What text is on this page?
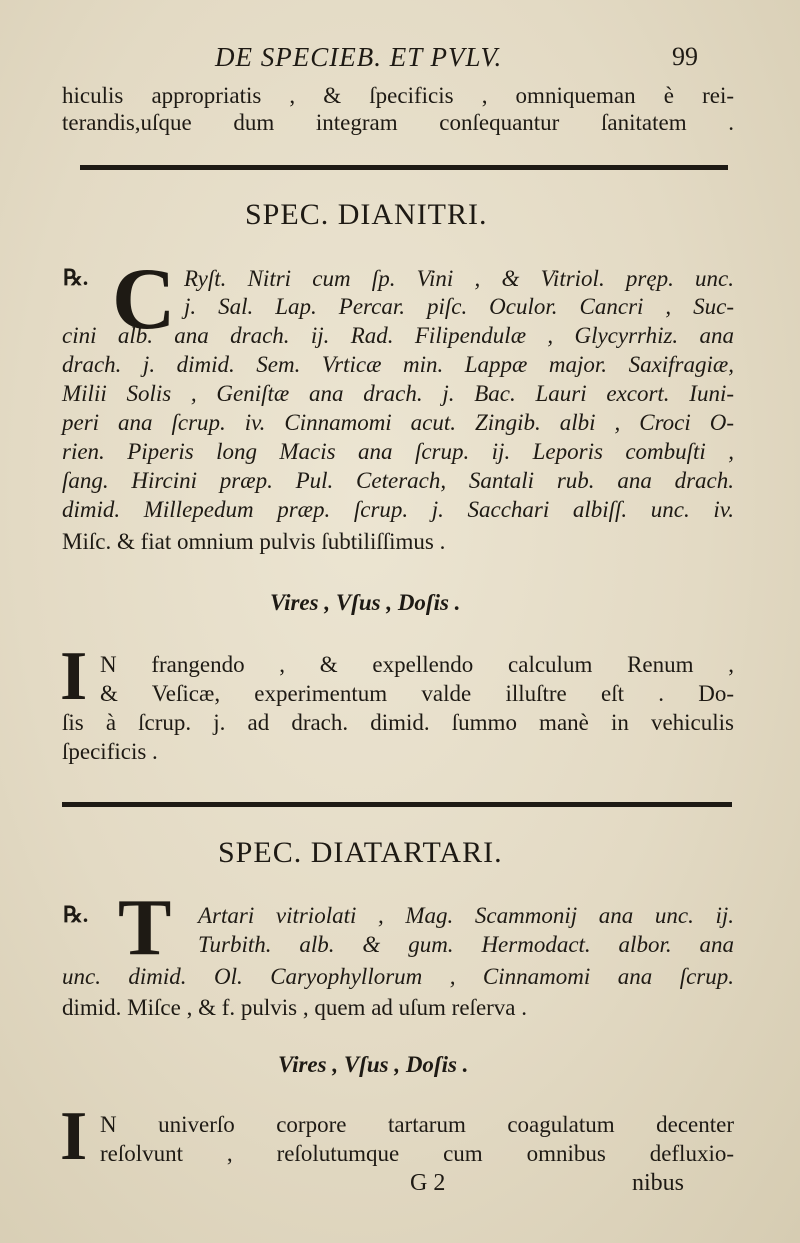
DE SPECIEB. ET PVLV.	99
hiculis appropriatis , & ſpecificis , omniqueman è rei-
terandis,uſque dum integram conſequantur ſanitatem .
SPEC. DIANITRI.
℞. C Ryſt. Nitri cum ſp. Vini , & Vitriol. pręp. unc.
j. Sal. Lap. Percar. piſc. Oculor. Cancri , Suc-
cini alb. ana drach. ij. Rad. Filipendulæ , Glycyrrhiz. ana
drach. j. dimid. Sem. Vrticæ min. Lappæ major. Saxifragiæ,
Milii Solis , Geniſtæ ana drach. j. Bac. Lauri excort. Iuni-
peri ana ſcrup. iv. Cinnamomi acut. Zingib. albi , Croci O-
rien. Piperis long Macis ana ſcrup. ij. Leporis combuſti ,
ſang. Hircini præp. Pul. Ceterach, Santali rub. ana drach.
dimid. Millepedum præp. ſcrup. j. Sacchari albiſſ. unc. iv.
Miſc. & fiat omnium pulvis ſubtiliſſimus .
Vires , Vſus , Doſis .
I N frangendo , & expellendo calculum Renum ,
& Veſicæ, experimentum valde illuſtre eſt . Do-
ſis à ſcrup. j. ad drach. dimid. ſummo manè in vehiculis
ſpecificis .
SPEC. DIATARTARI.
℞. T Artari vitriolati , Mag. Scammonij ana unc. ij.
Turbith. alb. & gum. Hermodact. albor. ana
unc. dimid. Ol. Caryophyllorum , Cinnamomi ana ſcrup.
dimid. Miſce , & f. pulvis , quem ad uſum reſerva .
Vires , Vſus , Doſis .
I N univerſo corpore tartarum coagulatum decenter
reſolvunt , reſolutumque cum omnibus defluxio-
G 2	nibus
